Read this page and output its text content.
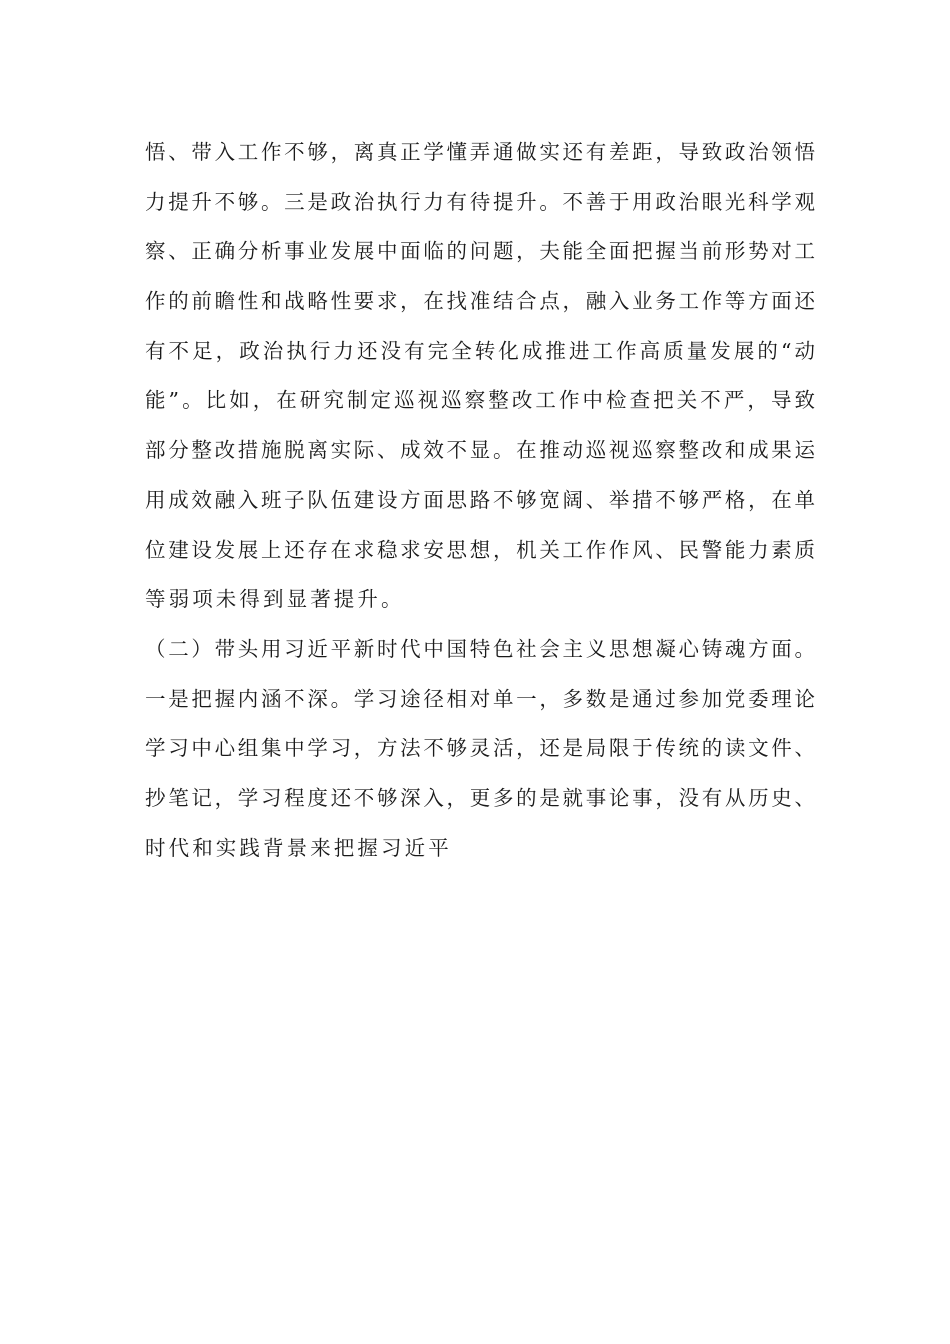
悟、带入工作不够，离真正学懂弄通做实还有差距，导致政治领悟
力提升不够。三是政治执行力有待提升。不善于用政治眼光科学观
察、正确分析事业发展中面临的问题，夫能全面把握当前形势对工
作的前瞻性和战略性要求，在找准结合点，融入业务工作等方面还
有不足，政治执行力还没有完全转化成推进工作高质量发展的“动
能”。比如，在研究制定巡视巡察整改工作中检查把关不严，导致
部分整改措施脱离实际、成效不显。在推动巡视巡察整改和成果运
用成效融入班子队伍建设方面思路不够宽阔、举措不够严格，在单
位建设发展上还存在求稳求安思想，机关工作作风、民警能力素质
等弱项未得到显著提升。
（二）带头用习近平新时代中国特色社会主义思想凝心铸魂方面。
一是把握内涵不深。学习途径相对单一，多数是通过参加党委理论
学习中心组集中学习，方法不够灵活，还是局限于传统的读文件、
抄笔记，学习程度还不够深入，更多的是就事论事，没有从历史、
时代和实践背景来把握习近平
